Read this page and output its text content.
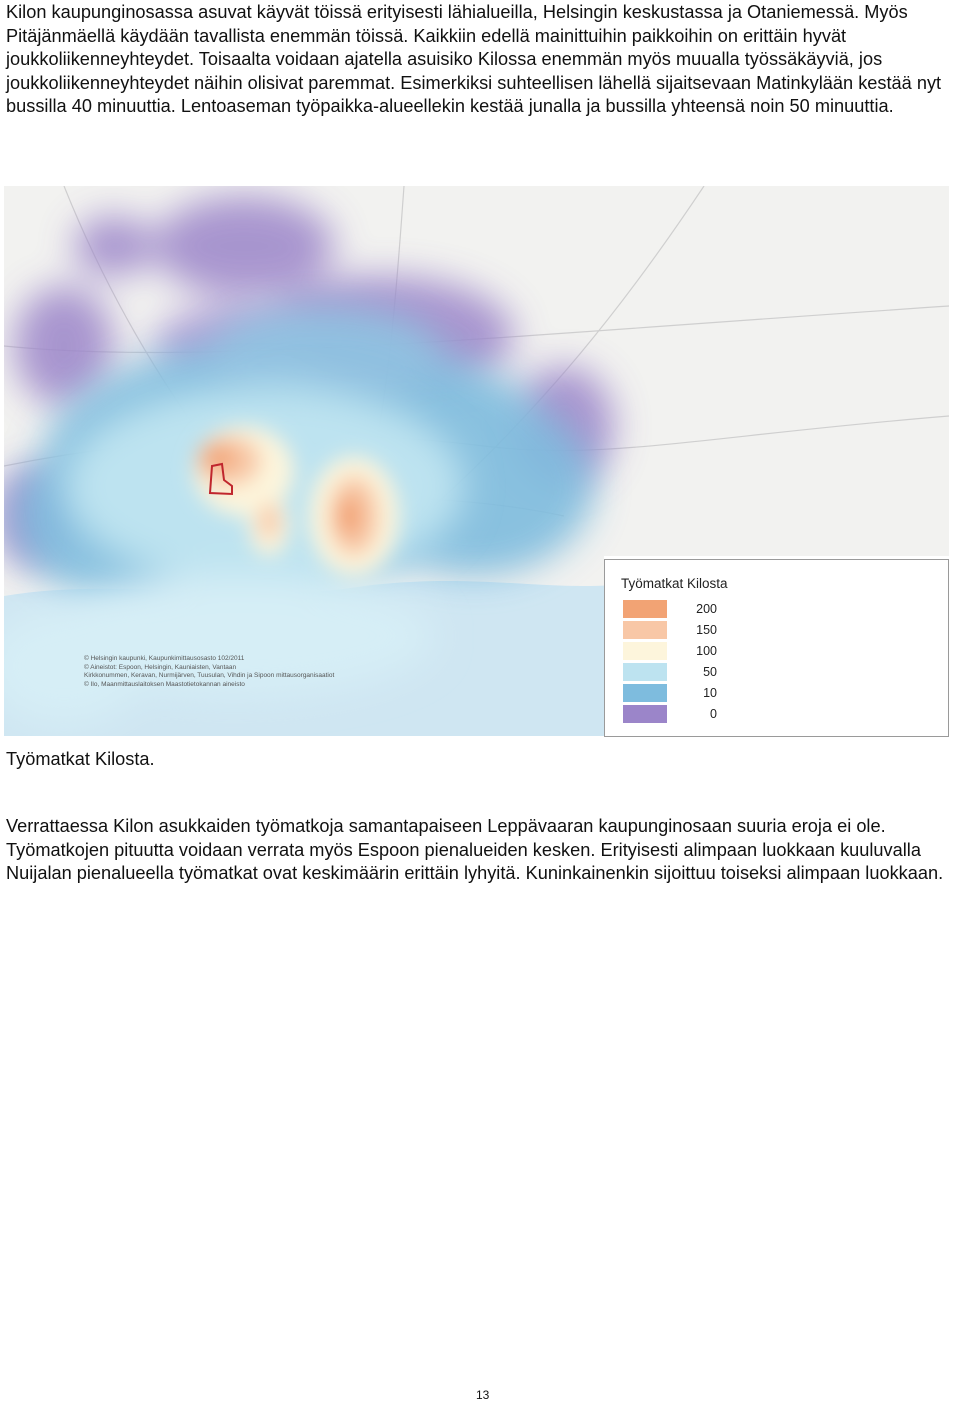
Kilon kaupunginosassa asuvat käyvät töissä erityisesti lähialueilla, Helsingin keskustassa ja Otaniemessä. Myös Pitäjänmäellä käydään tavallista enemmän töissä. Kaikkiin edellä mainittuihin paikkoihin on erittäin hyvät joukkoliikenneyhteydet. Toisaalta voidaan ajatella asuisiko Kilossa enemmän myös muualla työssäkäyviä, jos joukkoliikenneyhteydet näihin olisivat paremmat. Esimerkiksi suhteellisen lähellä sijaitsevaan Matinkylään kestää nyt bussilla 40 minuuttia. Lentoaseman työpaikka-alueellekin kestää junalla ja bussilla yhteensä noin 50 minuuttia.

© Helsingin kaupunki, Kaupunkimittausosasto 102/2011
© Aineistot: Espoon, Helsingin, Kauniaisten, Vantaan
Kirkkonummen, Keravan, Nurmijärven, Tuusulan, Vihdin ja Sipoon mittausorganisaatiot
© Ilo, Maanmittauslaitoksen Maastotietokannan aineisto
Työmatkat Kilosta
200
150
100
50
10
0
Työmatkat Kilosta.

Verrattaessa Kilon asukkaiden työmatkoja samantapaiseen Leppävaaran kaupunginosaan suuria eroja ei ole. Työmatkojen pituutta voidaan verrata myös Espoon pienalueiden kesken. Erityisesti alimpaan luokkaan kuuluvalla Nuijalan pienalueella työmatkat ovat keskimäärin erittäin lyhyitä. Kuninkainenkin sijoittuu toiseksi alimpaan luokkaan.

13
